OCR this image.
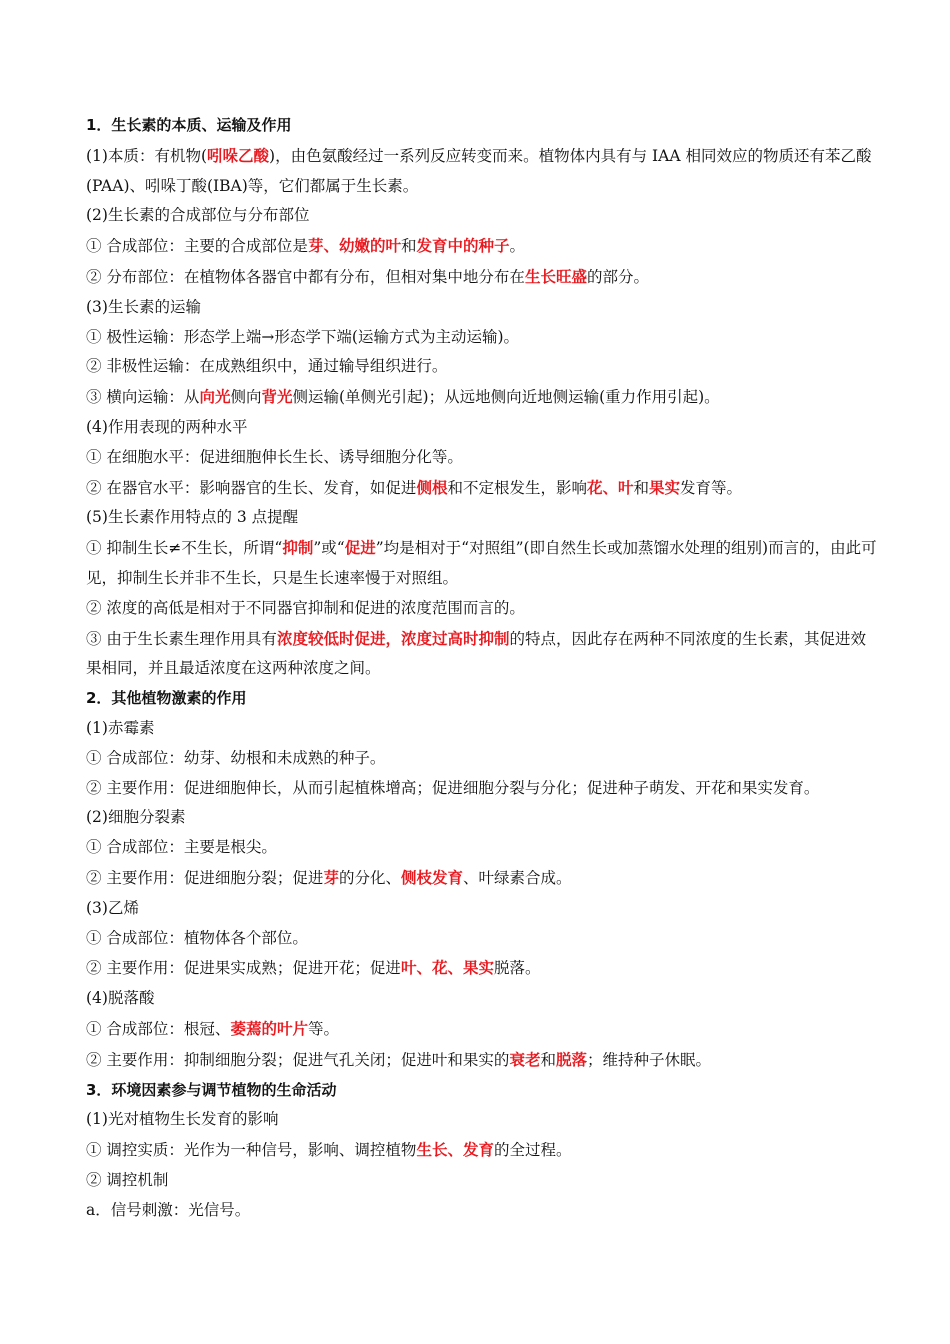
1．生长素的本质、运输及作用
(1)本质：有机物(吲哚乙酸)，由色氨酸经过一系列反应转变而来。植物体内具有与 IAA 相同效应的物质还有苯乙酸(PAA)、吲哚丁酸(IBA)等，它们都属于生长素。
(2)生长素的合成部位与分布部位
① 合成部位：主要的合成部位是芽、幼嫩的叶和发育中的种子。
② 分布部位：在植物体各器官中都有分布，但相对集中地分布在生长旺盛的部分。
(3)生长素的运输
① 极性运输：形态学上端→形态学下端(运输方式为主动运输)。
② 非极性运输：在成熟组织中，通过输导组织进行。
③ 横向运输：从向光侧向背光侧运输(单侧光引起)；从远地侧向近地侧运输(重力作用引起)。
(4)作用表现的两种水平
① 在细胞水平：促进细胞伸长生长、诱导细胞分化等。
② 在器官水平：影响器官的生长、发育，如促进侧根和不定根发生，影响花、叶和果实发育等。
(5)生长素作用特点的 3 点提醒
① 抑制生长≠不生长，所谓“抑制”或“促进”均是相对于“对照组”(即自然生长或加蒸馏水处理的组别)而言的，由此可见，抑制生长并非不生长，只是生长速率慢于对照组。
② 浓度的高低是相对于不同器官抑制和促进的浓度范围而言的。
③ 由于生长素生理作用具有浓度较低时促进，浓度过高时抑制的特点，因此存在两种不同浓度的生长素，其促进效果相同，并且最适浓度在这两种浓度之间。
2．其他植物激素的作用
(1)赤霉素
① 合成部位：幼芽、幼根和未成熟的种子。
② 主要作用：促进细胞伸长，从而引起植株增高；促进细胞分裂与分化；促进种子萌发、开花和果实发育。
(2)细胞分裂素
① 合成部位：主要是根尖。
② 主要作用：促进细胞分裂；促进芽的分化、侧枝发育、叶绿素合成。
(3)乙烯
① 合成部位：植物体各个部位。
② 主要作用：促进果实成熟；促进开花；促进叶、花、果实脱落。
(4)脱落酸
① 合成部位：根冠、萎蔫的叶片等。
② 主要作用：抑制细胞分裂；促进气孔关闭；促进叶和果实的衰老和脱落；维持种子休眠。
3．环境因素参与调节植物的生命活动
(1)光对植物生长发育的影响
① 调控实质：光作为一种信号，影响、调控植物生长、发育的全过程。
② 调控机制
a．信号刺激：光信号。
